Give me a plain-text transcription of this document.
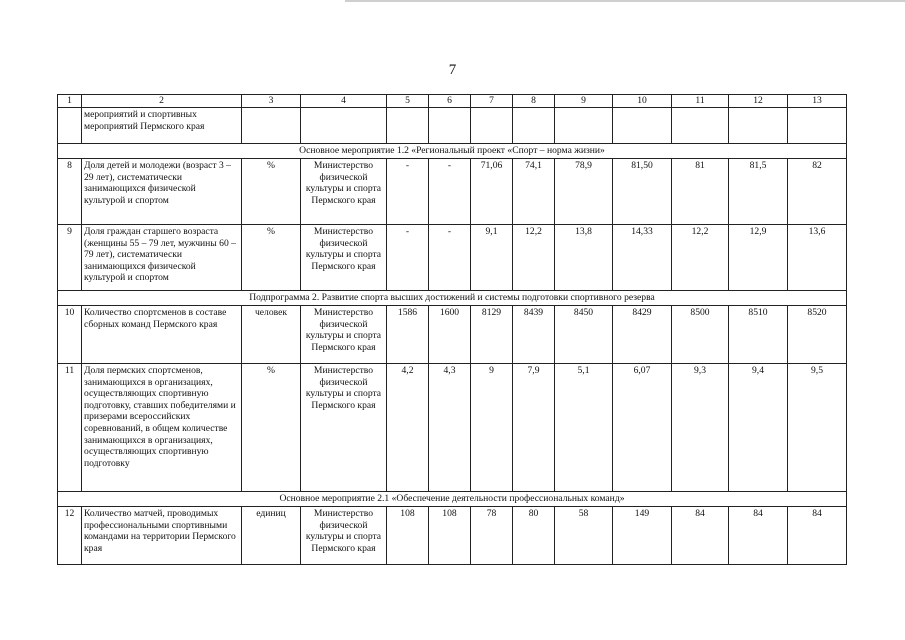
7
1	2	3	4	5	6	7	8	9	10	11	12	13
	мероприятий и спортивных мероприятий Пермского края											
Основное мероприятие 1.2 «Региональный проект «Спорт – норма жизни»												
8	Доля детей и молодежи (возраст 3 – 29 лет), систематически занимающихся физической культурой и спортом	%	Министерство физической культуры и спорта Пермского края	-	-	71,06	74,1	78,9	81,50	81	81,5	82
9	Доля граждан старшего возраста (женщины 55 – 79 лет, мужчины 60 – 79 лет), систематически занимающихся физической культурой и спортом	%	Министерство физической культуры и спорта Пермского края	-	-	9,1	12,2	13,8	14,33	12,2	12,9	13,6
Подпрограмма 2. Развитие спорта высших достижений и системы подготовки спортивного резерва												
10	Количество спортсменов в составе сборных команд Пермского края	человек	Министерство физической культуры и спорта Пермского края	1586	1600	8129	8439	8450	8429	8500	8510	8520
11	Доля пермских спортсменов, занимающихся в организациях, осуществляющих спортивную подготовку, ставших победителями и призерами всероссийских соревнований, в общем количестве занимающихся в организациях, осуществляющих спортивную подготовку	%	Министерство физической культуры и спорта Пермского края	4,2	4,3	9	7,9	5,1	6,07	9,3	9,4	9,5
Основное мероприятие 2.1 «Обеспечение деятельности профессиональных команд»												
12	Количество матчей, проводимых профессиональными спортивными командами на территории Пермского края	единиц	Министерство физической культуры и спорта Пермского края	108	108	78	80	58	149	84	84	84
